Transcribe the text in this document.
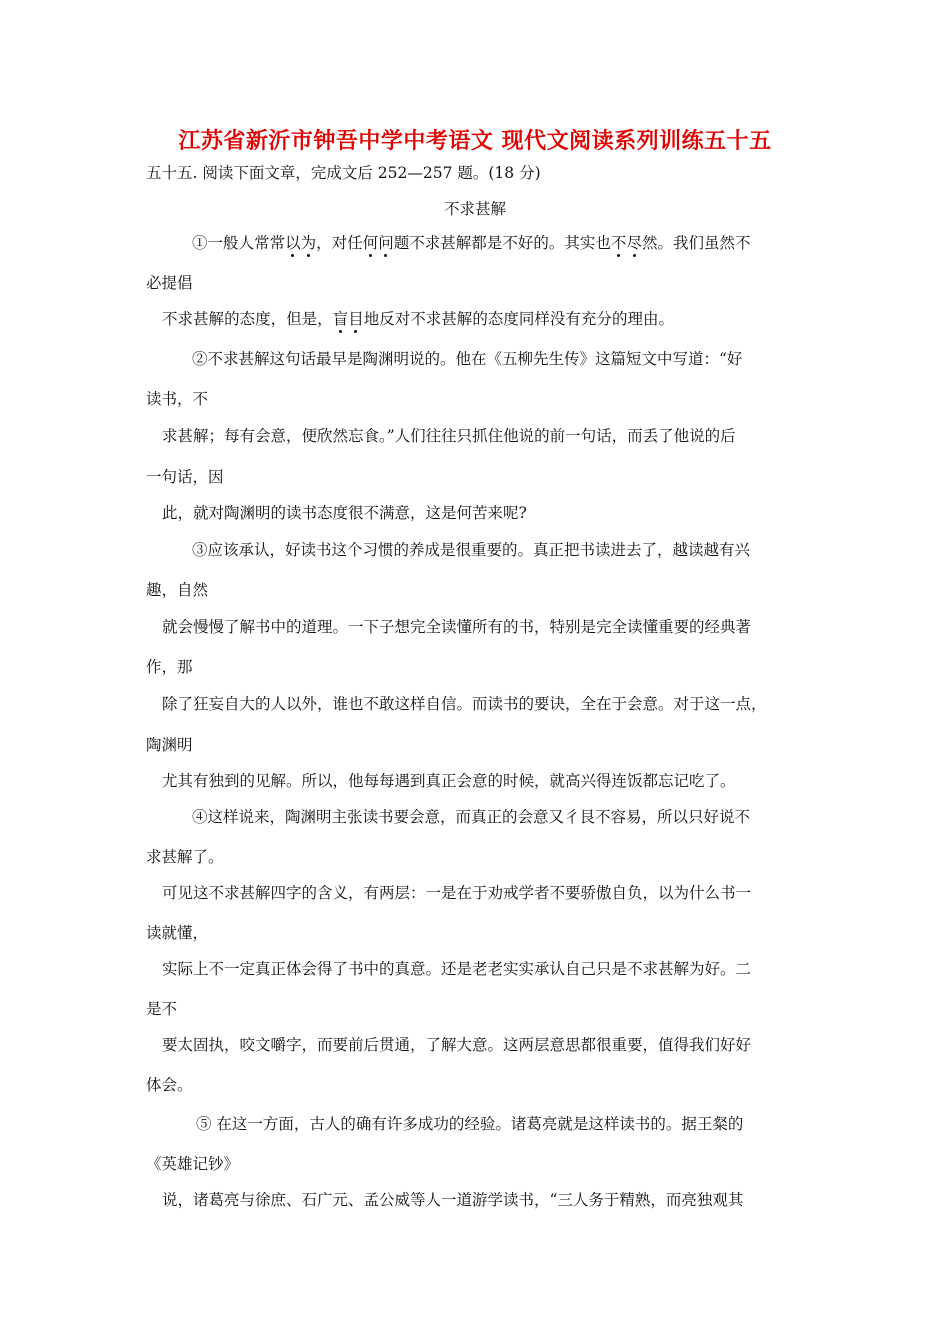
江苏省新沂市钟吾中学中考语文 现代文阅读系列训练五十五
五十五. 阅读下面文章，完成文后 252—257 题。(18 分)
不求甚解
①一般人常常以为，对任何问题不求甚解都是不好的。其实也不尽然。我们虽然不
必提倡
不求甚解的态度，但是，盲目地反对不求甚解的态度同样没有充分的理由。
②不求甚解这句话最早是陶渊明说的。他在《五柳先生传》这篇短文中写道：“好
读书，不
求甚解；每有会意，便欣然忘食。”人们往往只抓住他说的前一句话，而丢了他说的后
一句话，因
此，就对陶渊明的读书态度很不满意，这是何苦来呢?
③应该承认，好读书这个习惯的养成是很重要的。真正把书读进去了，越读越有兴
趣，自然
就会慢慢了解书中的道理。一下子想完全读懂所有的书，特别是完全读懂重要的经典著
作，那
除了狂妄自大的人以外，谁也不敢这样自信。而读书的要诀，全在于会意。对于这一点，
陶渊明
尤其有独到的见解。所以，他每每遇到真正会意的时候，就高兴得连饭都忘记吃了。
④这样说来，陶渊明主张读书要会意，而真正的会意又彳艮不容易，所以只好说不
求甚解了。
可见这不求甚解四字的含义，有两层：一是在于劝戒学者不要骄傲自负，以为什么书一
读就懂，
实际上不一定真正体会得了书中的真意。还是老老实实承认自己只是不求甚解为好。二
是不
要太固执，咬文嚼字，而要前后贯通，了解大意。这两层意思都很重要，值得我们好好
体会。
⑤ 在这一方面，古人的确有许多成功的经验。诸葛亮就是这样读书的。据王粲的
《英雄记钞》
说，诸葛亮与徐庶、石广元、孟公威等人一道游学读书，“三人务于精熟，而亮独观其
